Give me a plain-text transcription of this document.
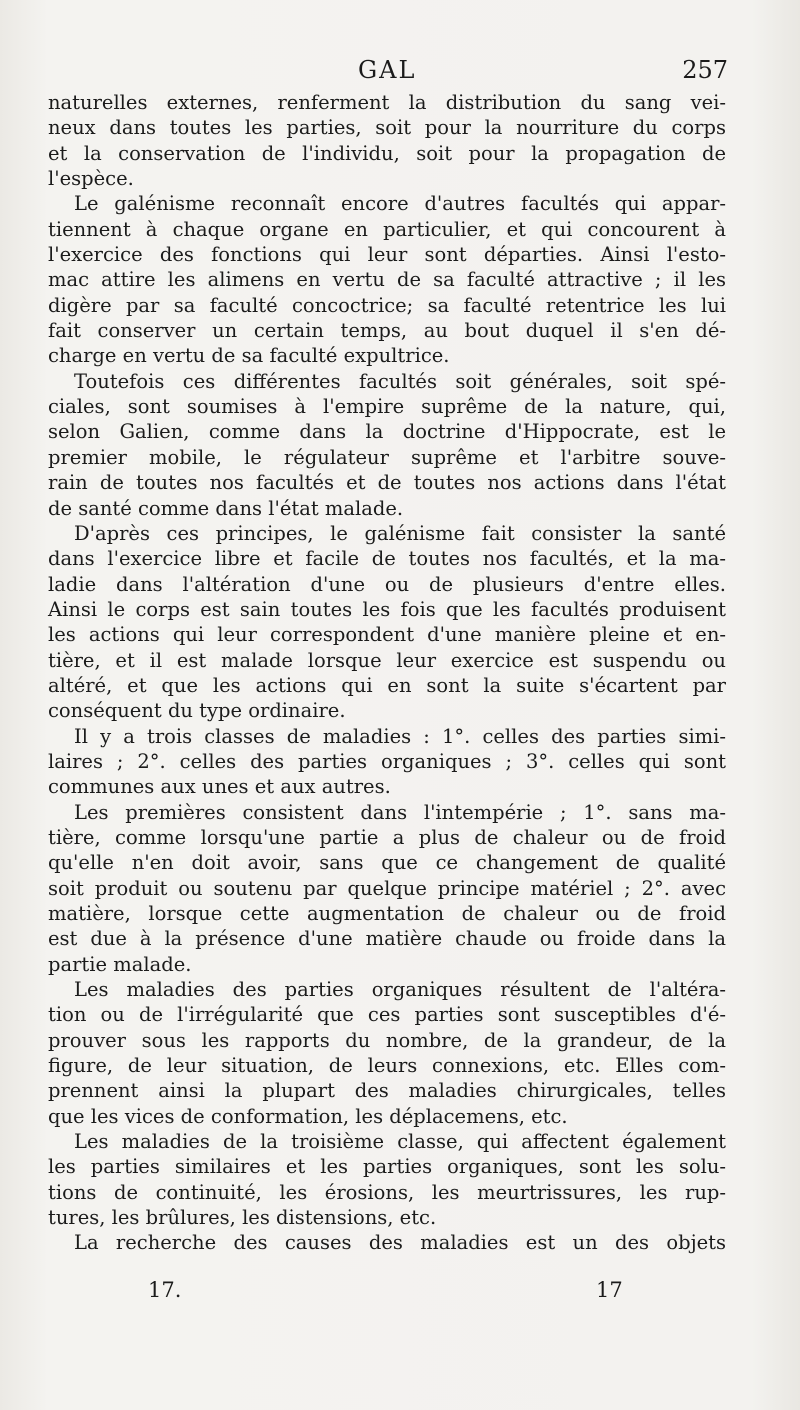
GAL	257
naturelles externes, renferment la distribution du sang vei-
neux dans toutes les parties, soit pour la nourriture du corps
et la conservation de l'individu, soit pour la propagation de
l'espèce.
Le galénisme reconnaît encore d'autres facultés qui appar-
tiennent à chaque organe en particulier, et qui concourent à
l'exercice des fonctions qui leur sont départies. Ainsi l'esto-
mac attire les alimens en vertu de sa faculté attractive ; il les
digère par sa faculté concoctrice; sa faculté retentrice les lui
fait conserver un certain temps, au bout duquel il s'en dé-
charge en vertu de sa faculté expultrice.
Toutefois ces différentes facultés soit générales, soit spé-
ciales, sont soumises à l'empire suprême de la nature, qui,
selon Galien, comme dans la doctrine d'Hippocrate, est le
premier mobile, le régulateur suprême et l'arbitre souve-
rain de toutes nos facultés et de toutes nos actions dans l'état
de santé comme dans l'état malade.
D'après ces principes, le galénisme fait consister la santé
dans l'exercice libre et facile de toutes nos facultés, et la ma-
ladie dans l'altération d'une ou de plusieurs d'entre elles.
Ainsi le corps est sain toutes les fois que les facultés produisent
les actions qui leur correspondent d'une manière pleine et en-
tière, et il est malade lorsque leur exercice est suspendu ou
altéré, et que les actions qui en sont la suite s'écartent par
conséquent du type ordinaire.
Il y a trois classes de maladies : 1°. celles des parties simi-
laires ; 2°. celles des parties organiques ; 3°. celles qui sont
communes aux unes et aux autres.
Les premières consistent dans l'intempérie ; 1°. sans ma-
tière, comme lorsqu'une partie a plus de chaleur ou de froid
qu'elle n'en doit avoir, sans que ce changement de qualité
soit produit ou soutenu par quelque principe matériel ; 2°. avec
matière, lorsque cette augmentation de chaleur ou de froid
est due à la présence d'une matière chaude ou froide dans la
partie malade.
Les maladies des parties organiques résultent de l'altéra-
tion ou de l'irrégularité que ces parties sont susceptibles d'é-
prouver sous les rapports du nombre, de la grandeur, de la
figure, de leur situation, de leurs connexions, etc. Elles com-
prennent ainsi la plupart des maladies chirurgicales, telles
que les vices de conformation, les déplacemens, etc.
Les maladies de la troisième classe, qui affectent également
les parties similaires et les parties organiques, sont les solu-
tions de continuité, les érosions, les meurtrissures, les rup-
tures, les brûlures, les distensions, etc.
La recherche des causes des maladies est un des objets
17.	17
